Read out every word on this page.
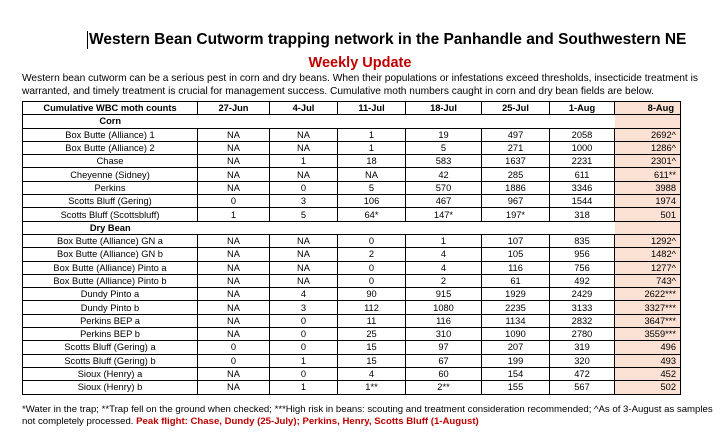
Western Bean Cutworm trapping network in the Panhandle and Southwestern NE
Weekly Update
Western bean cutworm can be a serious pest in corn and dry beans. When their populations or infestations exceed thresholds, insecticide treatment is warranted, and timely treatment is crucial for management success. Cumulative moth numbers caught in corn and dry bean fields are below.
Cumulative WBC moth counts	27-Jun	4-Jul	11-Jul	18-Jul	25-Jul	1-Aug	8-Aug
Corn							
Box Butte (Alliance) 1	NA	NA	1	19	497	2058	2692^
Box Butte (Alliance) 2	NA	NA	1	5	271	1000	1286^
Chase	NA	1	18	583	1637	2231	2301^
Cheyenne (Sidney)	NA	NA	NA	42	285	611	611**
Perkins	NA	0	5	570	1886	3346	3988
Scotts Bluff (Gering)	0	3	106	467	967	1544	1974
Scotts Bluff (Scottsbluff)	1	5	64*	147*	197*	318	501
Dry Bean							
Box Butte (Alliance) GN a	NA	NA	0	1	107	835	1292^
Box Butte (Alliance) GN b	NA	NA	2	4	105	956	1482^
Box Butte (Alliance) Pinto a	NA	NA	0	4	116	756	1277^
Box Butte (Alliance) Pinto b	NA	NA	0	2	61	492	743^
Dundy Pinto a	NA	4	90	915	1929	2429	2622***
Dundy Pinto b	NA	3	112	1080	2235	3133	3327***
Perkins BEP a	NA	0	11	116	1134	2832	3647***
Perkins BEP b	NA	0	25	310	1090	2780	3559***
Scotts Bluff (Gering) a	0	0	15	97	207	319	496
Scotts Bluff (Gering) b	0	1	15	67	199	320	493
Sioux (Henry) a	NA	0	4	60	154	472	452
Sioux (Henry) b	NA	1	1**	2**	155	567	502
*Water in the trap; **Trap fell on the ground when checked; ***High risk in beans: scouting and treatment consideration recommended; ^As of 3-August as samples not completely processed. Peak flight: Chase, Dundy (25-July); Perkins, Henry, Scotts Bluff (1-August)
